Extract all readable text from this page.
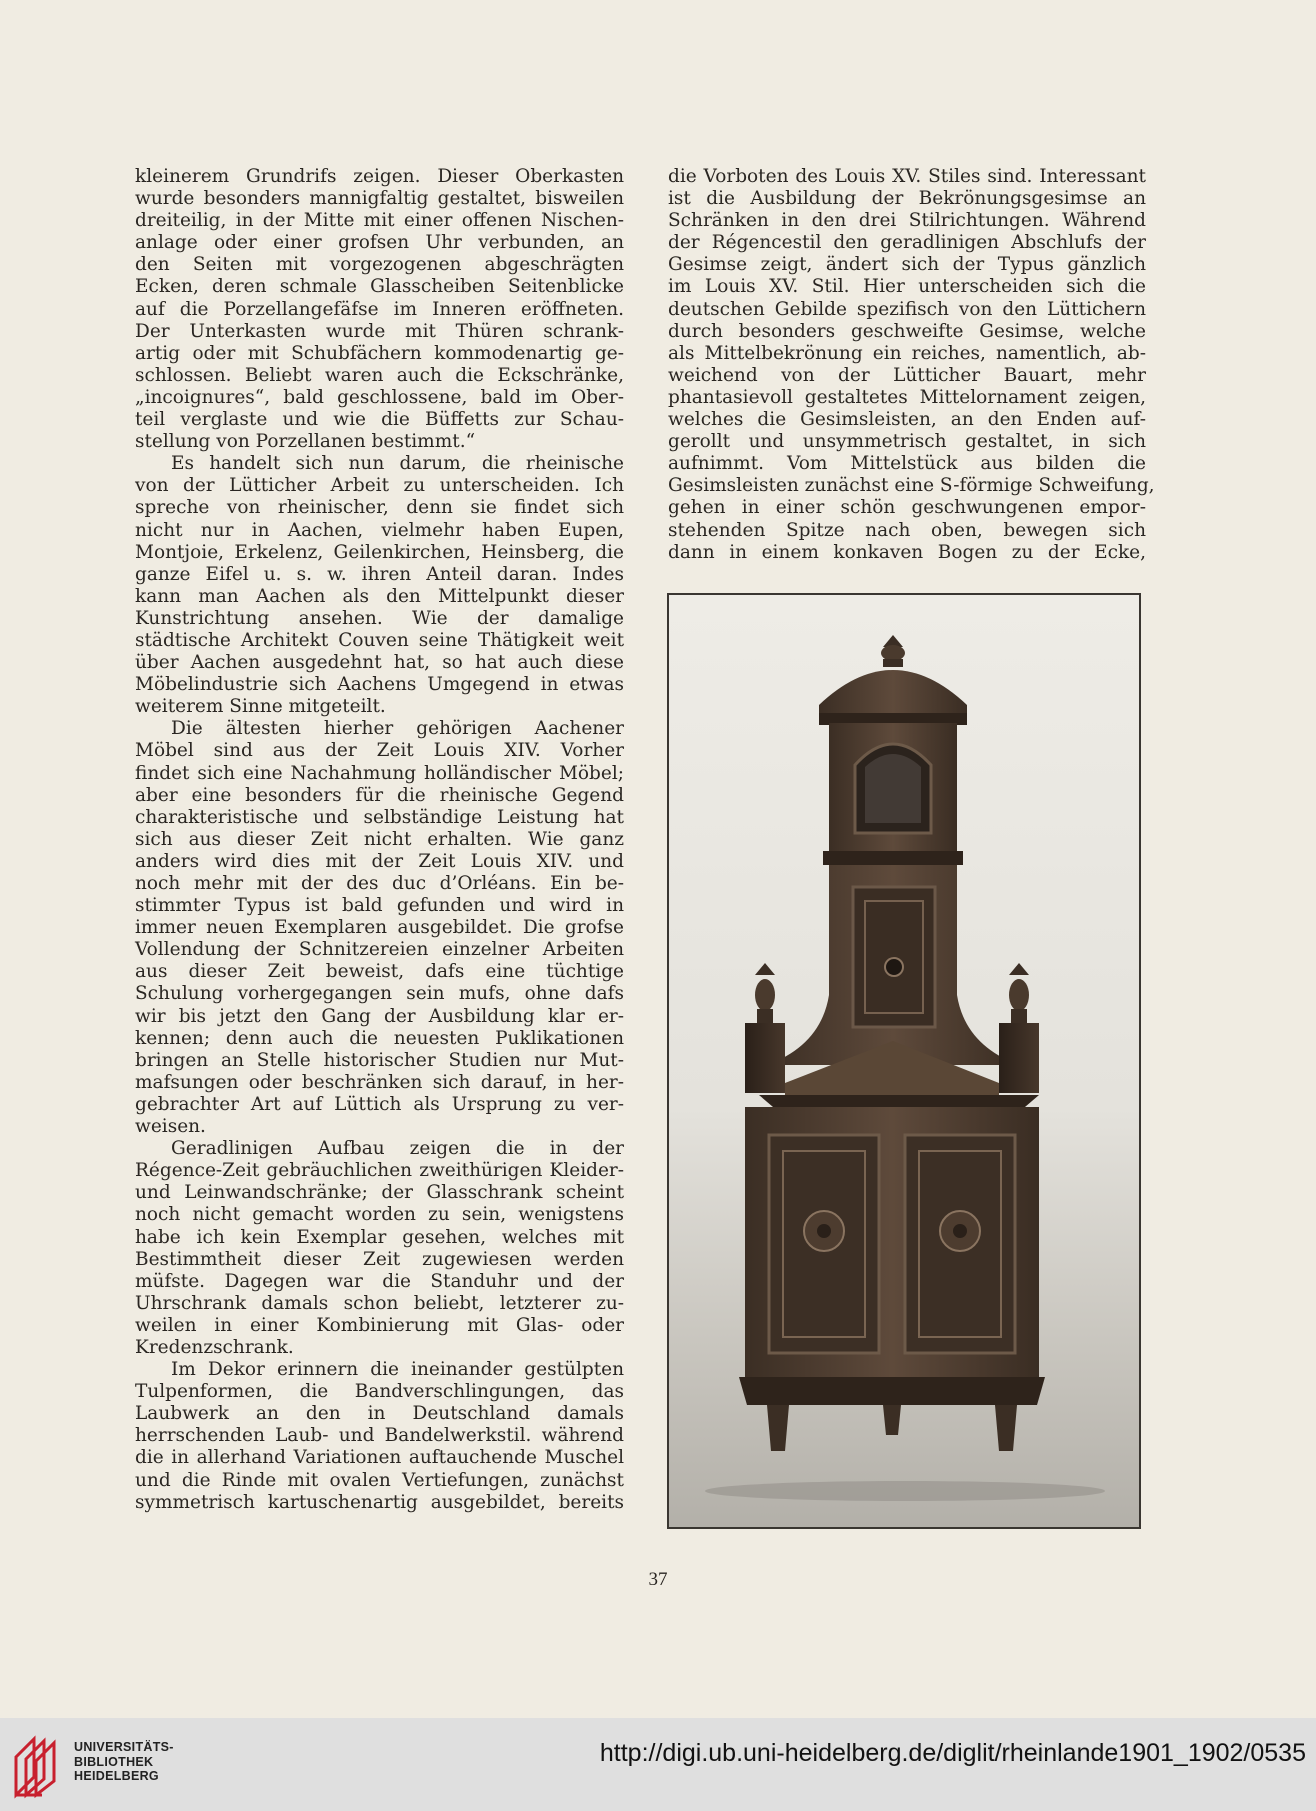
kleinerem Grundrifs zeigen. Dieser Oberkasten
wurde besonders mannigfaltig gestaltet, bisweilen
dreiteilig, in der Mitte mit einer offenen Nischen-
anlage oder einer grofsen Uhr verbunden, an
den Seiten mit vorgezogenen abgeschrägten
Ecken, deren schmale Glasscheiben Seitenblicke
auf die Porzellangefäfse im Inneren eröffneten.
Der Unterkasten wurde mit Thüren schrank-
artig oder mit Schubfächern kommodenartig ge-
schlossen. Beliebt waren auch die Eckschränke,
„incoignures“, bald geschlossene, bald im Ober-
teil verglaste und wie die Büffetts zur Schau-
stellung von Porzellanen bestimmt.“
Es handelt sich nun darum, die rheinische
von der Lütticher Arbeit zu unterscheiden. Ich
spreche von rheinischer, denn sie findet sich
nicht nur in Aachen, vielmehr haben Eupen,
Montjoie, Erkelenz, Geilenkirchen, Heinsberg, die
ganze Eifel u. s. w. ihren Anteil daran. Indes
kann man Aachen als den Mittelpunkt dieser
Kunstrichtung ansehen. Wie der damalige
städtische Architekt Couven seine Thätigkeit weit
über Aachen ausgedehnt hat, so hat auch diese
Möbelindustrie sich Aachens Umgegend in etwas
weiterem Sinne mitgeteilt.
Die ältesten hierher gehörigen Aachener
Möbel sind aus der Zeit Louis XIV. Vorher
findet sich eine Nachahmung holländischer Möbel;
aber eine besonders für die rheinische Gegend
charakteristische und selbständige Leistung hat
sich aus dieser Zeit nicht erhalten. Wie ganz
anders wird dies mit der Zeit Louis XIV. und
noch mehr mit der des duc d’Orléans. Ein be-
stimmter Typus ist bald gefunden und wird in
immer neuen Exemplaren ausgebildet. Die grofse
Vollendung der Schnitzereien einzelner Arbeiten
aus dieser Zeit beweist, dafs eine tüchtige
Schulung vorhergegangen sein mufs, ohne dafs
wir bis jetzt den Gang der Ausbildung klar er-
kennen; denn auch die neuesten Puklikationen
bringen an Stelle historischer Studien nur Mut-
mafsungen oder beschränken sich darauf, in her-
gebrachter Art auf Lüttich als Ursprung zu ver-
weisen.
Geradlinigen Aufbau zeigen die in der
Régence-Zeit gebräuchlichen zweithürigen Kleider-
und Leinwandschränke; der Glasschrank scheint
noch nicht gemacht worden zu sein, wenigstens
habe ich kein Exemplar gesehen, welches mit
Bestimmtheit dieser Zeit zugewiesen werden
müfste. Dagegen war die Standuhr und der
Uhrschrank damals schon beliebt, letzterer zu-
weilen in einer Kombinierung mit Glas- oder
Kredenzschrank.
Im Dekor erinnern die ineinander gestülpten
Tulpenformen, die Bandverschlingungen, das
Laubwerk an den in Deutschland damals
herrschenden Laub- und Bandelwerkstil. während
die in allerhand Variationen auftauchende Muschel
und die Rinde mit ovalen Vertiefungen, zunächst
symmetrisch kartuschenartig ausgebildet, bereits
die Vorboten des Louis XV. Stiles sind. Interessant
ist die Ausbildung der Bekrönungsgesimse an
Schränken in den drei Stilrichtungen. Während
der Régencestil den geradlinigen Abschlufs der
Gesimse zeigt, ändert sich der Typus gänzlich
im Louis XV. Stil. Hier unterscheiden sich die
deutschen Gebilde spezifisch von den Lüttichern
durch besonders geschweifte Gesimse, welche
als Mittelbekrönung ein reiches, namentlich, ab-
weichend von der Lütticher Bauart, mehr
phantasievoll gestaltetes Mittelornament zeigen,
welches die Gesimsleisten, an den Enden auf-
gerollt und unsymmetrisch gestaltet, in sich
aufnimmt. Vom Mittelstück aus bilden die
Gesimsleisten zunächst eine S-förmige Schweifung,
gehen in einer schön geschwungenen empor-
stehenden Spitze nach oben, bewegen sich
dann in einem konkaven Bogen zu der Ecke,
37
UNIVERSITÄTS-
BIBLIOTHEK
HEIDELBERG
http://digi.ub.uni-heidelberg.de/diglit/rheinlande1901_1902/0535
